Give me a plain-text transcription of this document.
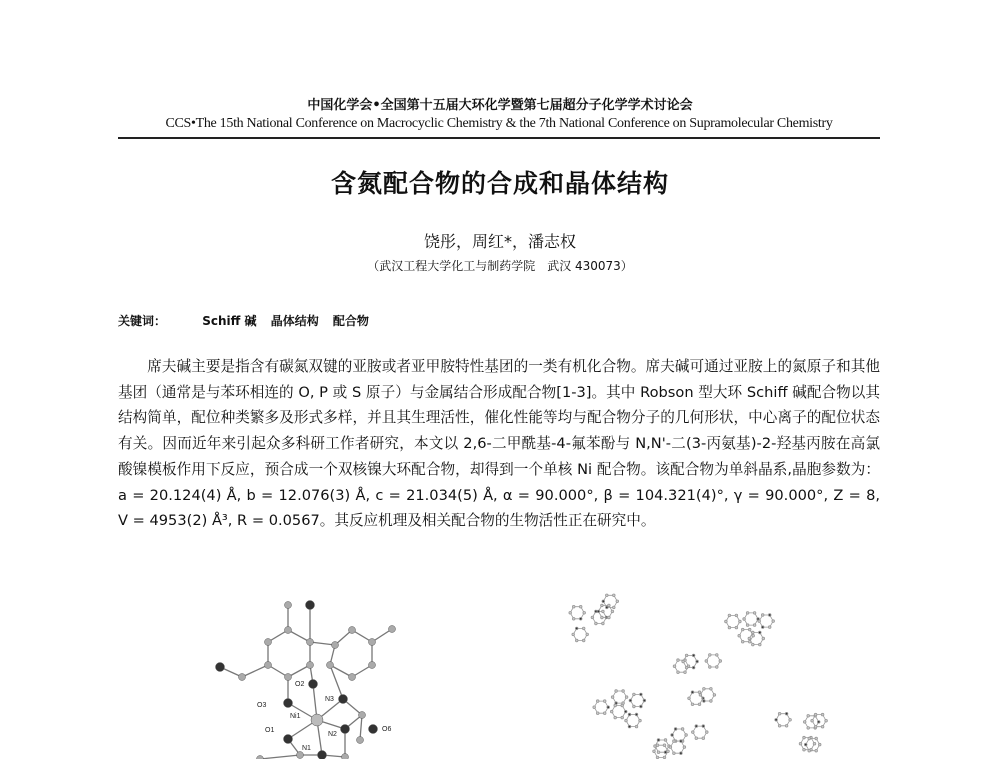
中国化学会•全国第十五届大环化学暨第七届超分子化学学术讨论会
CCS•The 15th National Conference on Macrocyclic Chemistry & the 7th National Conference on Supramolecular Chemistry
含氮配合物的合成和晶体结构
饶彤，周红*，潘志权
（武汉工程大学化工与制药学院　武汉 430073）
关键词：	Schiff 碱 晶体结构 配合物
席夫碱主要是指含有碳氮双键的亚胺或者亚甲胺特性基团的一类有机化合物。席夫碱可通过亚胺上的氮原子和其他基团（通常是与苯环相连的 O, P 或 S 原子）与金属结合形成配合物[1-3]。其中 Robson 型大环 Schiff 碱配合物以其结构简单，配位种类繁多及形式多样，并且其生理活性，催化性能等均与配合物分子的几何形状，中心离子的配位状态有关。因而近年来引起众多科研工作者研究，本文以 2,6-二甲酰基-4-氟苯酚与 N,N'-二(3-丙氨基)-2-羟基丙胺在高氯酸镍模板作用下反应，预合成一个双核镍大环配合物，却得到一个单核 Ni 配合物。该配合物为单斜晶系,晶胞参数为：a = 20.124(4) Å, b = 12.076(3) Å, c = 21.034(5) Å, α = 90.000°, β = 104.321(4)°, γ = 90.000°, Z = 8, V = 4953(2) Å³, R = 0.0567。其反应机理及相关配合物的生物活性正在研究中。
O2
N3
O3
Ni1
O6
O1
N2
N1
